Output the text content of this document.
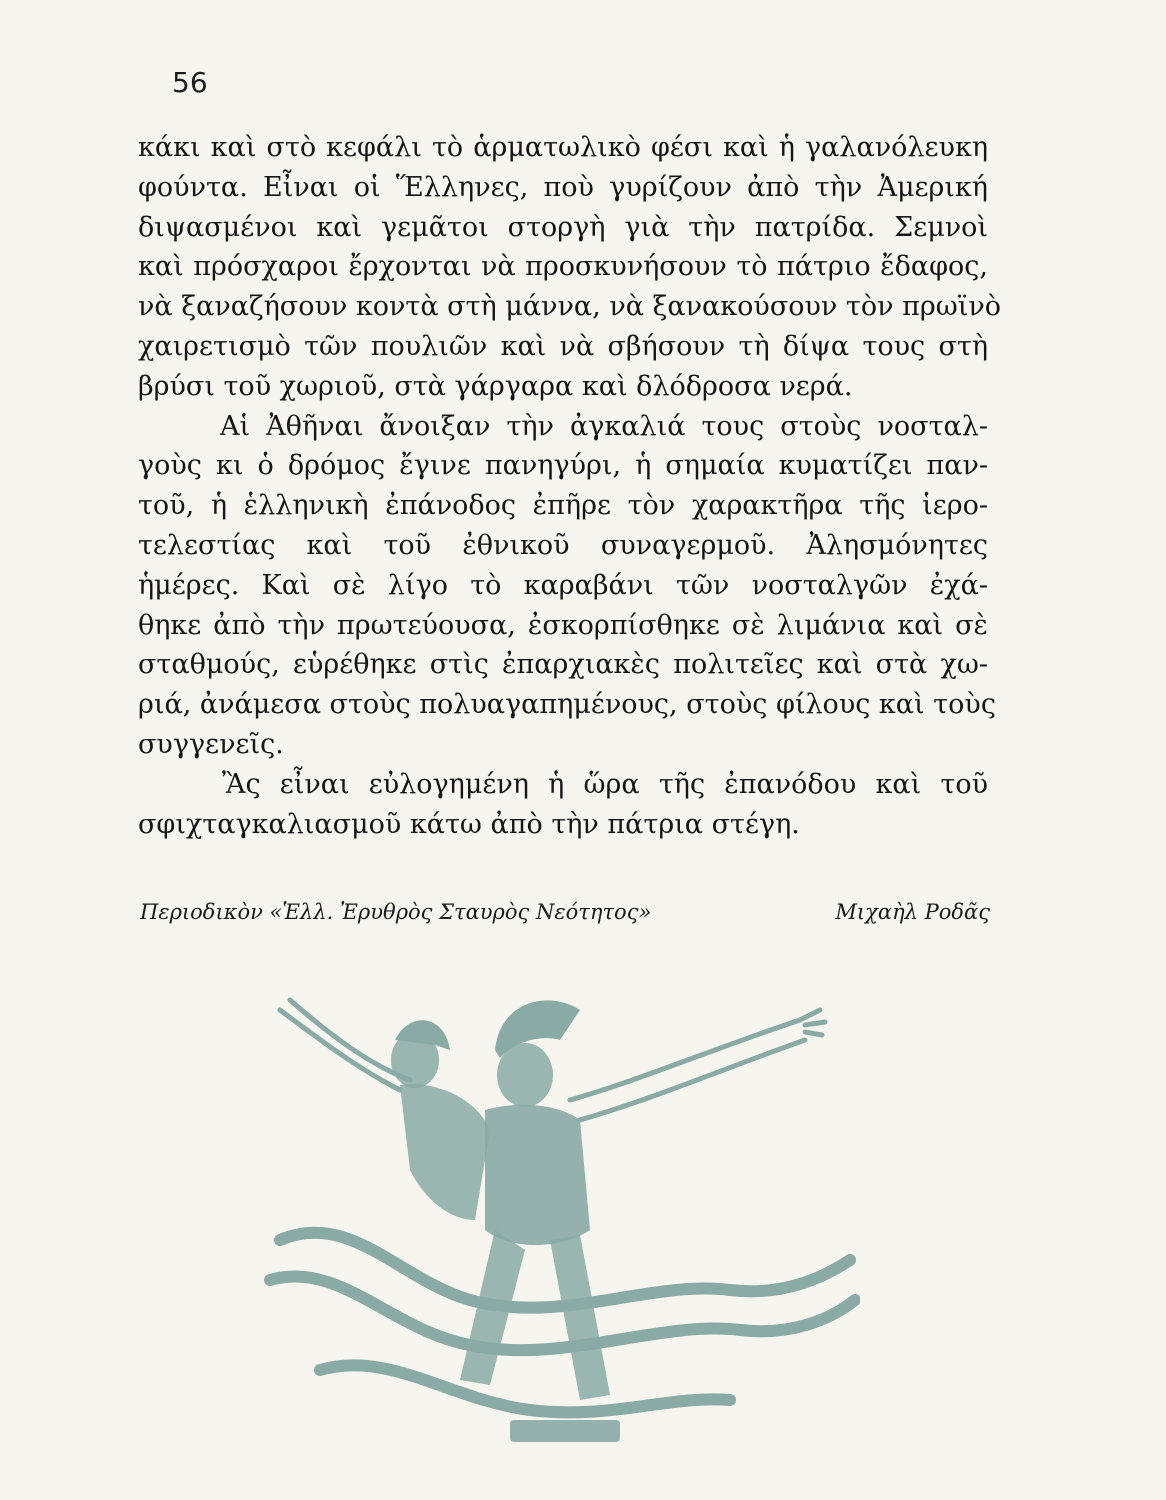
56

κάκι καὶ στὸ κεφάλι τὸ ἁρματωλικὸ φέσι καὶ ἡ γαλανόλευκη
φούντα. Εἶναι οἱ Ἕλληνες, ποὺ γυρίζουν ἀπὸ τὴν Ἀμερική
διψασμένοι καὶ γεμᾶτοι στοργὴ γιὰ τὴν πατρίδα. Σεμνοὶ
καὶ πρόσχαροι ἔρχονται νὰ προσκυνήσουν τὸ πάτριο ἔδαφος,
νὰ ξαναζήσουν κοντὰ στὴ μάννα, νὰ ξανακούσουν τὸν πρωϊνὸ
χαιρετισμὸ τῶν πουλιῶν καὶ νὰ σβήσουν τὴ δίψα τους στὴ
βρύσι τοῦ χωριοῦ, στὰ γάργαρα καὶ δλόδροσα νερά.

Αἱ Ἀθῆναι ἄνοιξαν τὴν ἀγκαλιά τους στοὺς νοσταλ-
γοὺς κι ὁ δρόμος ἔγινε πανηγύρι, ἡ σημαία κυματίζει παν-
τοῦ, ἡ ἑλληνικὴ ἐπάνοδος ἐπῆρε τὸν χαρακτῆρα τῆς ἱερο-
τελεστίας καὶ τοῦ ἐθνικοῦ συναγερμοῦ. Ἀλησμόνητες
ἡμέρες. Καὶ σὲ λίγο τὸ καραβάνι τῶν νοσταλγῶν ἐχά-
θηκε ἀπὸ τὴν πρωτεύουσα, ἐσκορπίσθηκε σὲ λιμάνια καὶ σὲ
σταθμούς, εὑρέθηκε στὶς ἐπαρχιακὲς πολιτεῖες καὶ στὰ χω-
ριά, ἀνάμεσα στοὺς πολυαγαπημένους, στοὺς φίλους καὶ τοὺς
συγγενεῖς.

Ἂς εἶναι εὐλογημένη ἡ ὥρα τῆς ἐπανόδου καὶ τοῦ
σφιχταγκαλιασμοῦ κάτω ἀπὸ τὴν πάτρια στέγη.

Περιοδικὸν «Ἑλλ. Ἐρυθρὸς Σταυρὸς Νεότητος»	Μιχαὴλ Ροδᾶς
